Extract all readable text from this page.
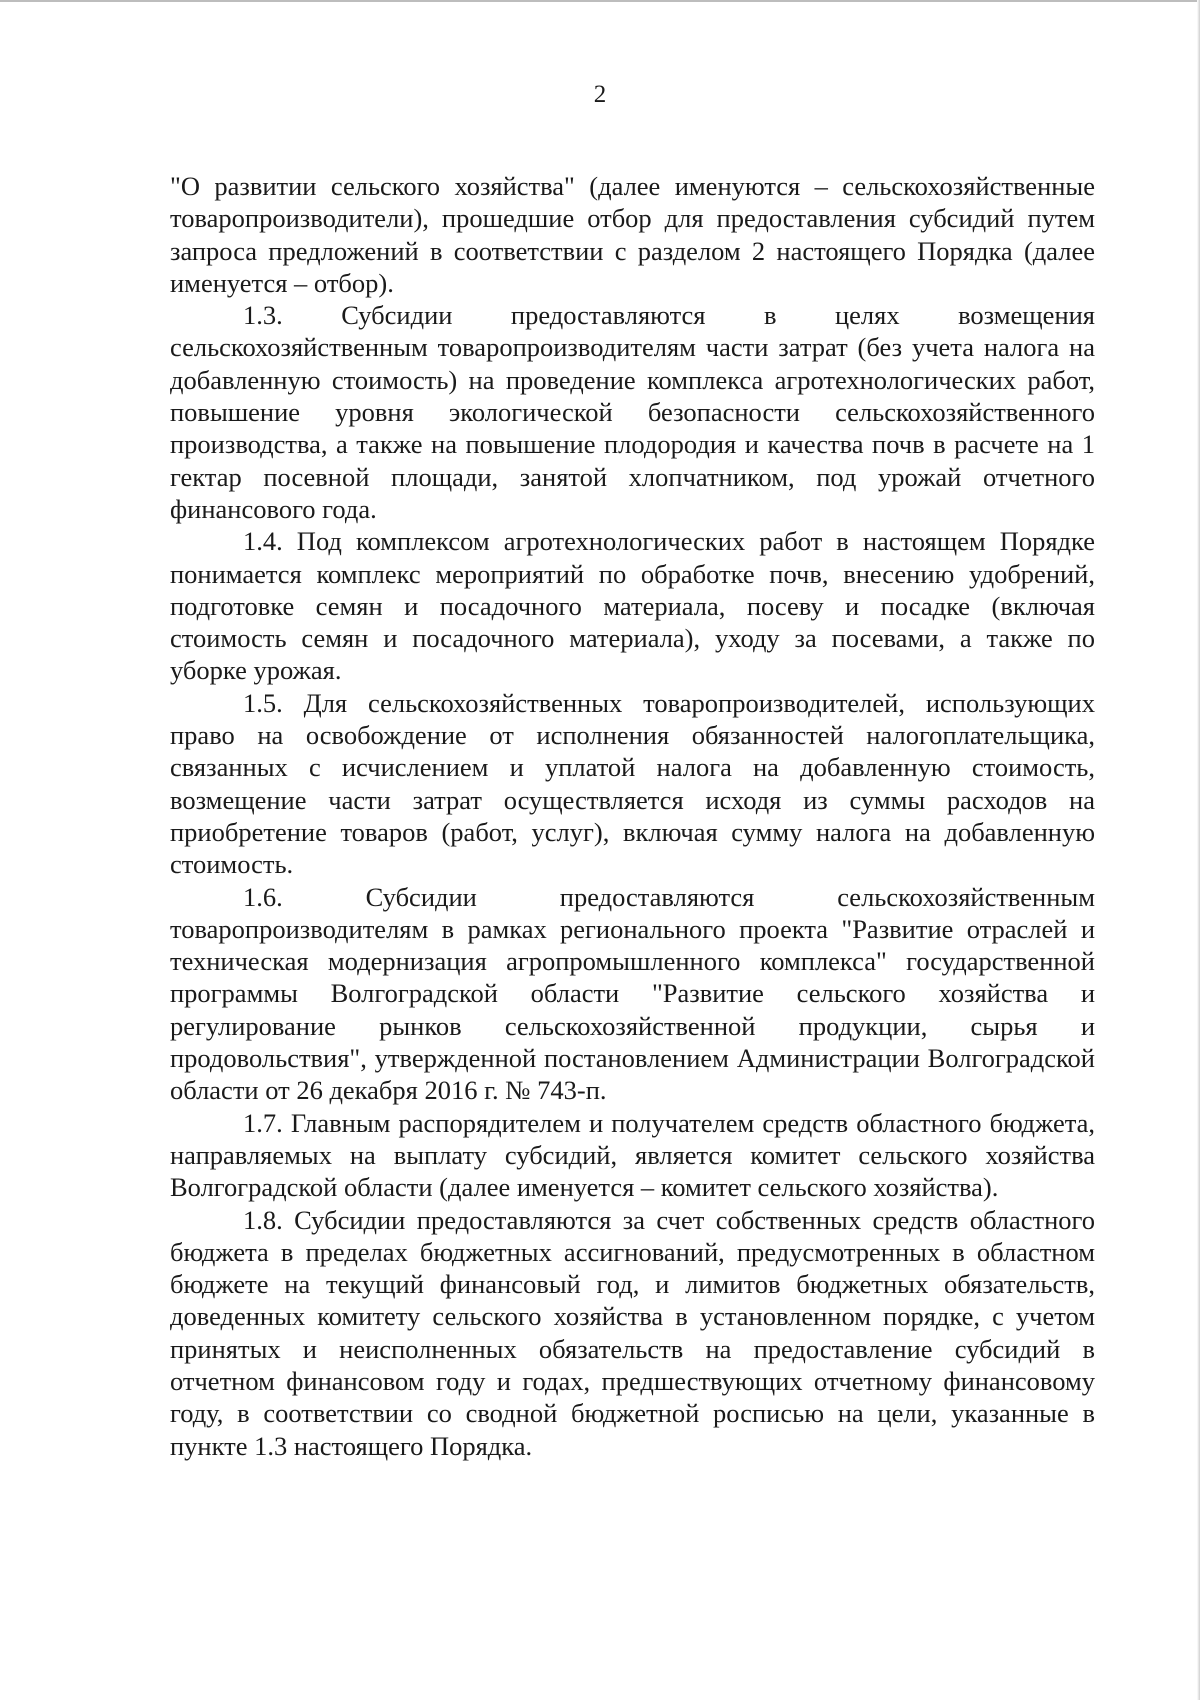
2

"О развитии сельского хозяйства" (далее именуются – сельскохозяйственные товаропроизводители), прошедшие отбор для предоставления субсидий путем запроса предложений в соответствии с разделом 2 настоящего Порядка (далее именуется – отбор).

1.3. Субсидии предоставляются в целях возмещения сельскохозяйственным товаропроизводителям части затрат (без учета налога на добавленную стоимость) на проведение комплекса агротехнологических работ, повышение уровня экологической безопасности сельскохозяйственного производства, а также на повышение плодородия и качества почв в расчете на 1 гектар посевной площади, занятой хлопчатником, под урожай отчетного финансового года.

1.4. Под комплексом агротехнологических работ в настоящем Порядке понимается комплекс мероприятий по обработке почв, внесению удобрений, подготовке семян и посадочного материала, посеву и посадке (включая стоимость семян и посадочного материала), уходу за посевами, а также по уборке урожая.

1.5. Для сельскохозяйственных товаропроизводителей, использующих право на освобождение от исполнения обязанностей налогоплательщика, связанных с исчислением и уплатой налога на добавленную стоимость, возмещение части затрат осуществляется исходя из суммы расходов на приобретение товаров (работ, услуг), включая сумму налога на добавленную стоимость.

1.6. Субсидии предоставляются сельскохозяйственным товаропроизводителям в рамках регионального проекта "Развитие отраслей и техническая модернизация агропромышленного комплекса" государственной программы Волгоградской области "Развитие сельского хозяйства и регулирование рынков сельскохозяйственной продукции, сырья и продовольствия", утвержденной постановлением Администрации Волгоградской области от 26 декабря 2016 г. № 743-п.

1.7. Главным распорядителем и получателем средств областного бюджета, направляемых на выплату субсидий, является комитет сельского хозяйства Волгоградской области (далее именуется – комитет сельского хозяйства).

1.8. Субсидии предоставляются за счет собственных средств областного бюджета в пределах бюджетных ассигнований, предусмотренных в областном бюджете на текущий финансовый год, и лимитов бюджетных обязательств, доведенных комитету сельского хозяйства в установленном порядке, с учетом принятых и неисполненных обязательств на предоставление субсидий в отчетном финансовом году и годах, предшествующих отчетному финансовому году, в соответствии со сводной бюджетной росписью на цели, указанные в пункте 1.3 настоящего Порядка.
